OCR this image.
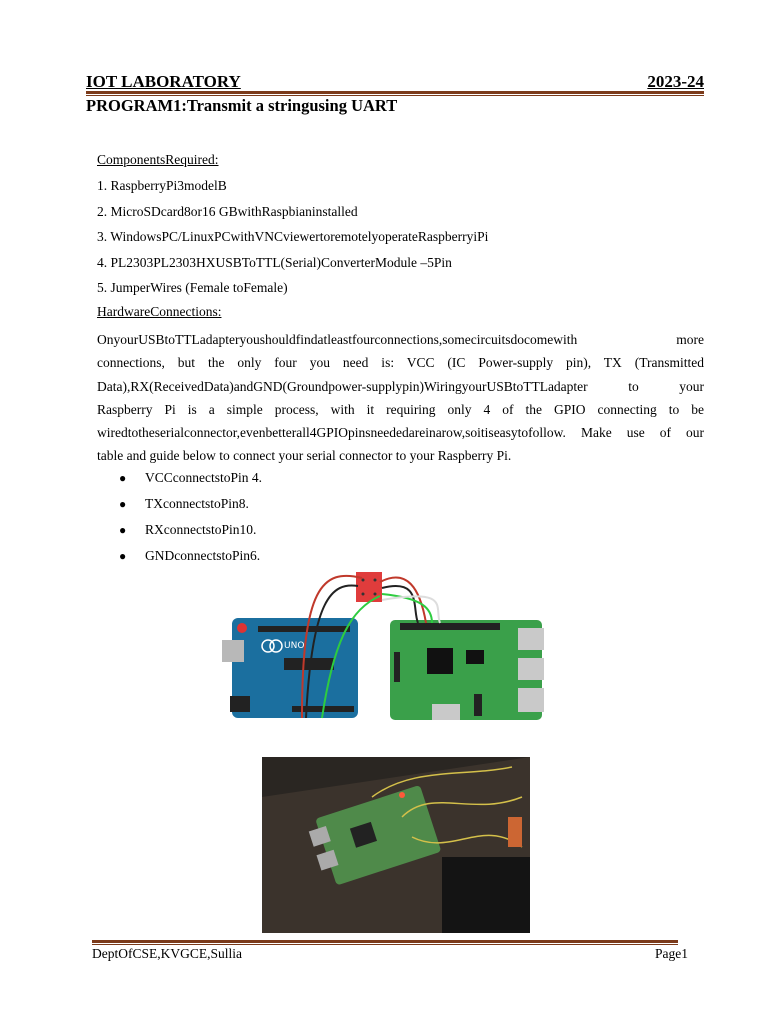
IOT LABORATORY	2023-24
PROGRAM1:Transmit a stringusing UART
ComponentsRequired:
1. RaspberryPi3modelB
2. MicroSDcard8or16 GBwithRaspbianinstalled
3. WindowsPC/LinuxPCwithVNCviewertoremotelyoperateRaspberryiPi
4. PL2303PL2303HXUSBToTTL(Serial)ConverterModule –5Pin
5. JumperWires (Female toFemale)
HardwareConnections:
OnyourUSBtoTTLadapteryoushouldfindatleastfourconnections,somecircuitsdocomewith more
connections, but the only four you need is: VCC (IC Power-supply pin), TX (Transmitted
Data),RX(ReceivedData)andGND(Groundpower-supplypin)WiringyourUSBtoTTLadapter to your
Raspberry Pi is a simple process, with it requiring only 4 of the GPIO connecting to be
wiredtotheserialconnector,evenbetterall4GPIOpinsneededareinarow,soitiseasytofollow. Make use of our
table and guide below to connect your serial connector to your Raspberry Pi.
● VCCconnectstoPin 4.
● TXconnectstoPin8.
● RXconnectstoPin10.
● GNDconnectstoPin6.
UNO
DeptOfCSE,KVGCE,Sullia	Page1
